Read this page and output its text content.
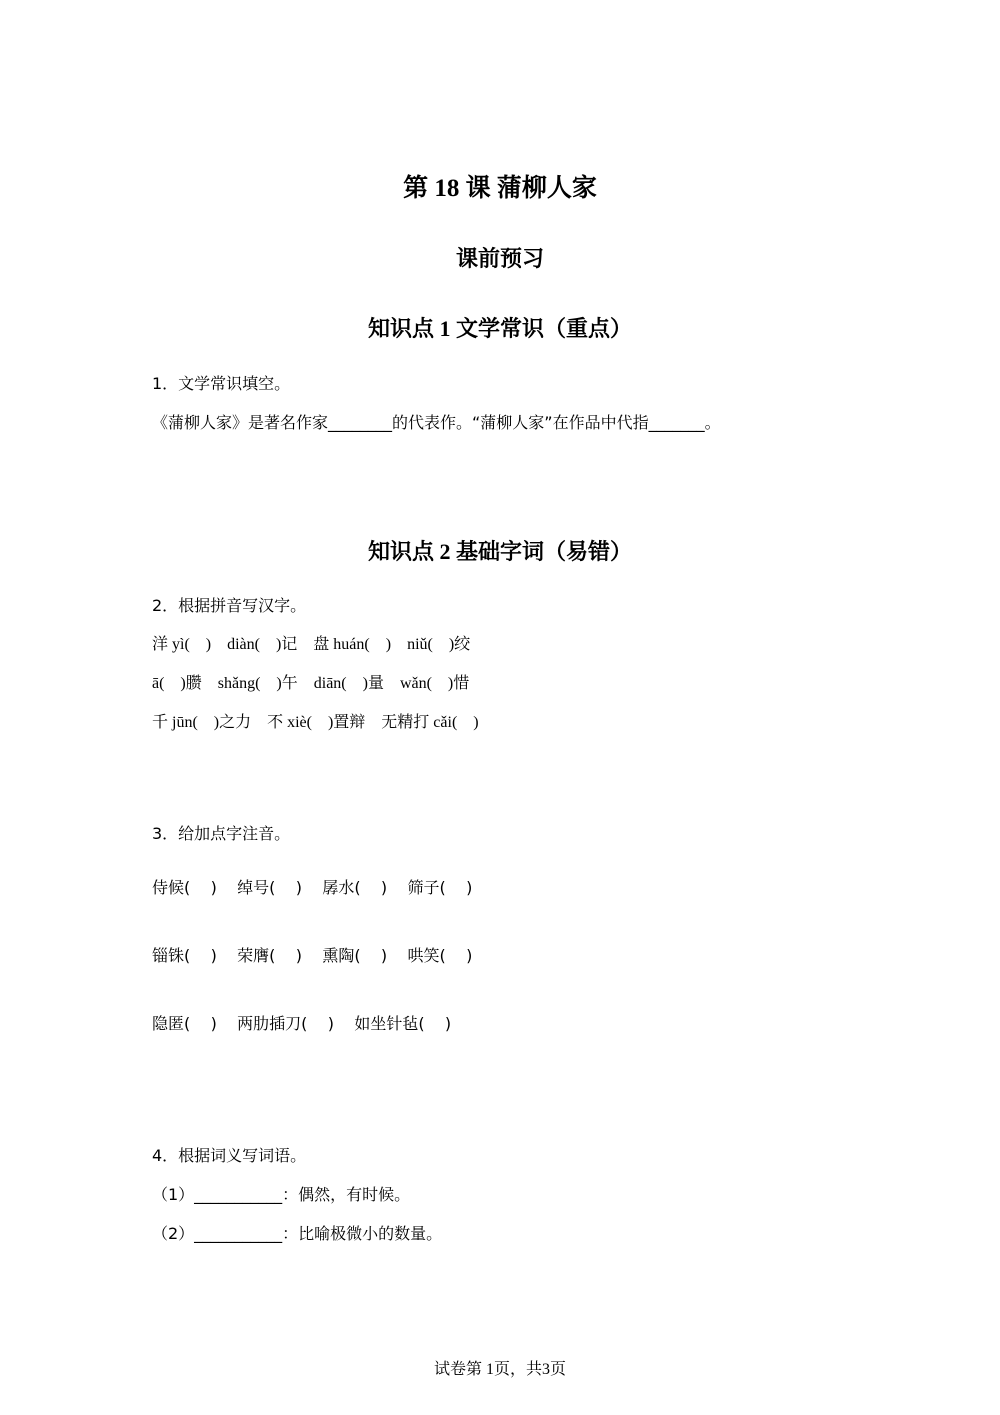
第 18 课 蒲柳人家
课前预习
知识点 1 文学常识（重点）
1．文学常识填空。
《蒲柳人家》是著名作家________的代表作。“蒲柳人家”在作品中代指_______。
知识点 2 基础字词（易错）
2．根据拼音写汉字。
洋 yì(    )    diàn(    )记    盘 huán(    )    niǔ(    )绞
ā(    )臜    shǎng(    )午    diān(    )量    wǎn(    )惜
千 jūn(    )之力    不 xiè(    )置辩    无精打 cǎi(    )
3．给加点字注音。
侍候(    )    绰号(    )    孱水(    )    筛子(    )
锱铢(    )    荣膺(    )    熏陶(    )    哄笑(    )
隐匿(    )    两肋插刀(    )    如坐针毡(    )
4．根据词义写词语。
（1）___________：偶然，有时候。
（2）___________：比喻极微小的数量。
试卷第 1页，共3页
